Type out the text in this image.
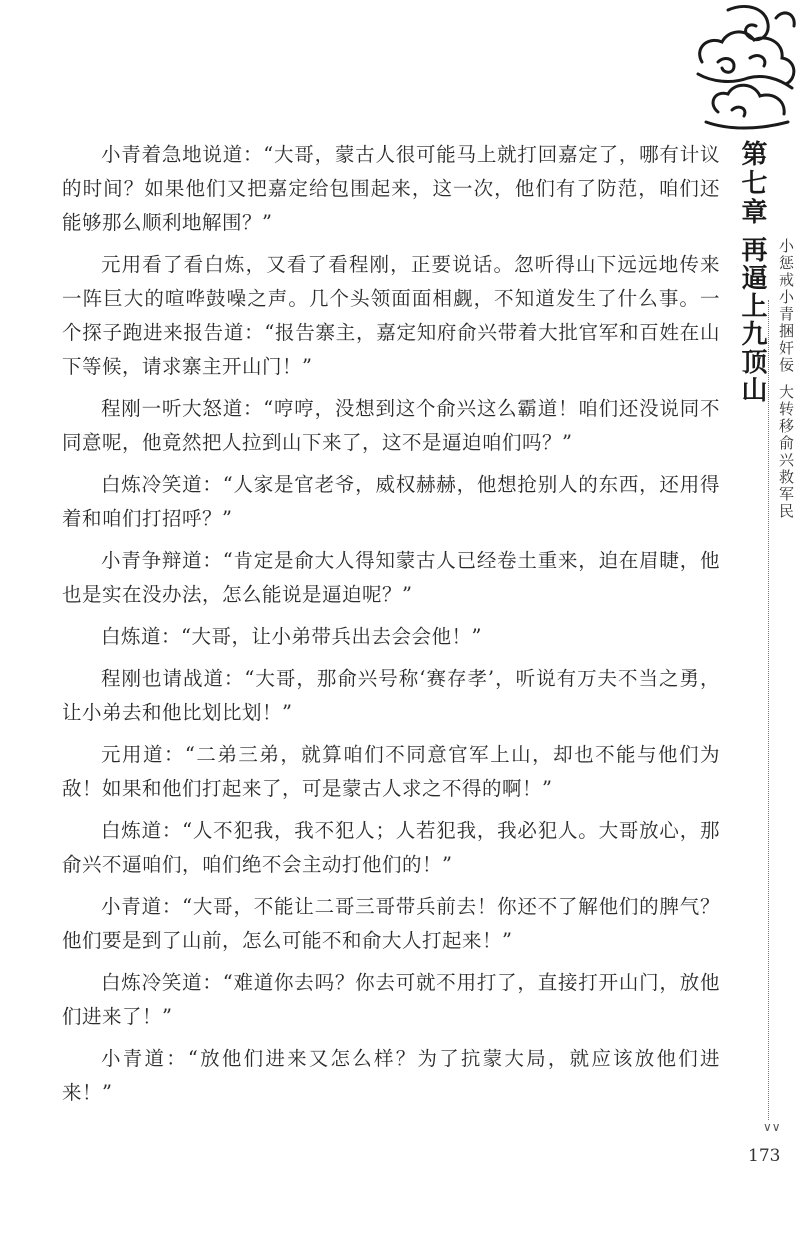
第七章
再逼上九顶山 小惩戒小青捆奸佞
大转移俞兴救军民
∨∨
173

小青着急地说道：“大哥，蒙古人很可能马上就打回嘉定了，哪有计议的时间？如果他们又把嘉定给包围起来，这一次，他们有了防范，咱们还能够那么顺利地解围？”

元用看了看白炼，又看了看程刚，正要说话。忽听得山下远远地传来一阵巨大的喧哗鼓噪之声。几个头领面面相觑，不知道发生了什么事。一个探子跑进来报告道：“报告寨主，嘉定知府俞兴带着大批官军和百姓在山下等候，请求寨主开山门！”

程刚一听大怒道：“哼哼，没想到这个俞兴这么霸道！咱们还没说同不同意呢，他竟然把人拉到山下来了，这不是逼迫咱们吗？”

白炼冷笑道：“人家是官老爷，威权赫赫，他想抢别人的东西，还用得着和咱们打招呼？”

小青争辩道：“肯定是俞大人得知蒙古人已经卷土重来，迫在眉睫，他也是实在没办法，怎么能说是逼迫呢？”

白炼道：“大哥，让小弟带兵出去会会他！”

程刚也请战道：“大哥，那俞兴号称‘赛存孝’，听说有万夫不当之勇，让小弟去和他比划比划！”

元用道：“二弟三弟，就算咱们不同意官军上山，却也不能与他们为敌！如果和他们打起来了，可是蒙古人求之不得的啊！”

白炼道：“人不犯我，我不犯人；人若犯我，我必犯人。大哥放心，那俞兴不逼咱们，咱们绝不会主动打他们的！”

小青道：“大哥，不能让二哥三哥带兵前去！你还不了解他们的脾气？他们要是到了山前，怎么可能不和俞大人打起来！”

白炼冷笑道：“难道你去吗？你去可就不用打了，直接打开山门，放他们进来了！”

小青道：“放他们进来又怎么样？为了抗蒙大局，就应该放他们进来！”
